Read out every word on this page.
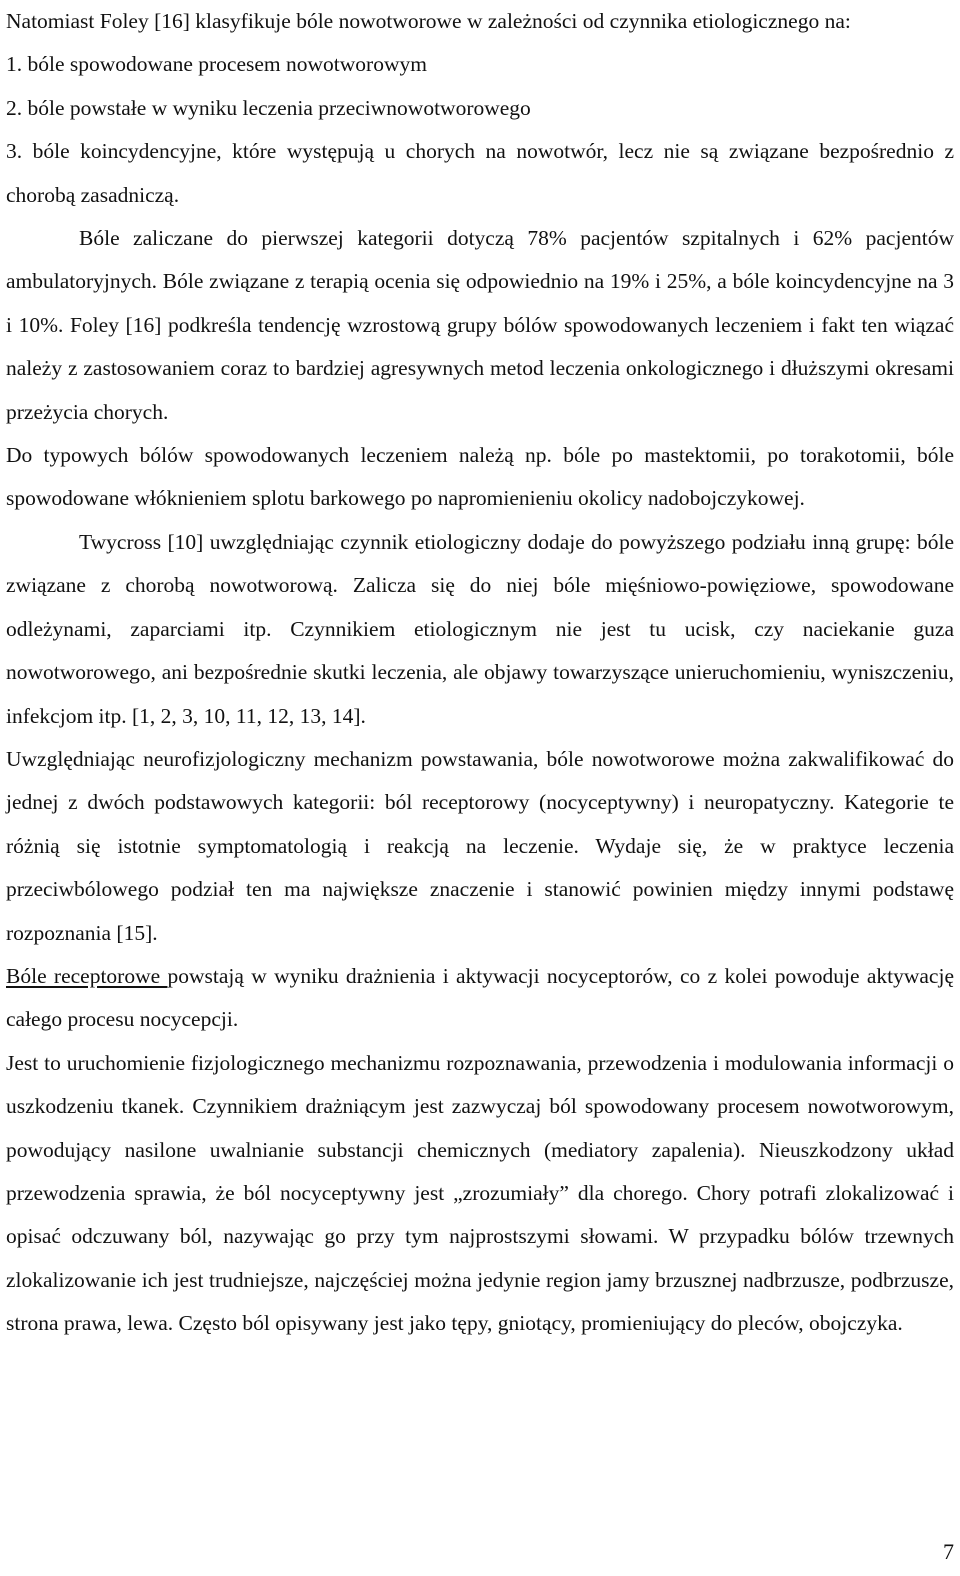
Natomiast Foley [16] klasyfikuje bóle nowotworowe w zależności od czynnika etiologicznego na:

1. bóle spowodowane procesem nowotworowym

2. bóle powstałe w wyniku leczenia przeciwnowotworowego

3. bóle koincydencyjne, które występują u chorych na nowotwór, lecz nie są związane bezpośrednio z chorobą zasadniczą.

Bóle zaliczane do pierwszej kategorii dotyczą 78% pacjentów szpitalnych i 62% pacjentów ambulatoryjnych. Bóle związane z terapią ocenia się odpowiednio na 19% i 25%, a bóle koincydencyjne na 3 i 10%. Foley [16] podkreśla tendencję wzrostową grupy bólów spowodowanych leczeniem i fakt ten wiązać należy z zastosowaniem coraz to bardziej agresywnych metod leczenia onkologicznego i dłuższymi okresami przeżycia chorych.

Do typowych bólów spowodowanych leczeniem należą np. bóle po mastektomii, po torakotomii, bóle spowodowane włóknieniem splotu barkowego po napromienieniu okolicy nadobojczykowej.

Twycross [10] uwzględniając czynnik etiologiczny dodaje do powyższego podziału inną grupę: bóle związane z chorobą nowotworową. Zalicza się do niej bóle mięśniowo-powięziowe, spowodowane odleżynami, zaparciami itp. Czynnikiem etiologicznym nie jest tu ucisk, czy naciekanie guza nowotworowego, ani bezpośrednie skutki leczenia, ale objawy towarzyszące unieruchomieniu, wyniszczeniu, infekcjom itp. [1, 2, 3, 10, 11, 12, 13, 14].

Uwzględniając neurofizjologiczny mechanizm powstawania, bóle nowotworowe można zakwalifikować do jednej z dwóch podstawowych kategorii: ból receptorowy (nocyceptywny) i neuropatyczny. Kategorie te różnią się istotnie symptomatologią i reakcją na leczenie. Wydaje się, że w praktyce leczenia przeciwbólowego podział ten ma największe znaczenie i stanowić powinien między innymi podstawę rozpoznania [15].

Bóle receptorowe powstają w wyniku drażnienia i aktywacji nocyceptorów, co z kolei powoduje aktywację całego procesu nocycepcji.

Jest to uruchomienie fizjologicznego mechanizmu rozpoznawania, przewodzenia i modulowania informacji o uszkodzeniu tkanek. Czynnikiem drażniącym jest zazwyczaj ból spowodowany procesem nowotworowym, powodujący nasilone uwalnianie substancji chemicznych (mediatory zapalenia). Nieuszkodzony układ przewodzenia sprawia, że ból nocyceptywny jest „zrozumiały” dla chorego. Chory potrafi zlokalizować i opisać odczuwany ból, nazywając go przy tym najprostszymi słowami. W przypadku bólów trzewnych zlokalizowanie ich jest trudniejsze, najczęściej można jedynie region jamy brzusznej nadbrzusze, podbrzusze, strona prawa, lewa. Często ból opisywany jest jako tępy, gniotący, promieniujący do pleców, obojczyka.

7
